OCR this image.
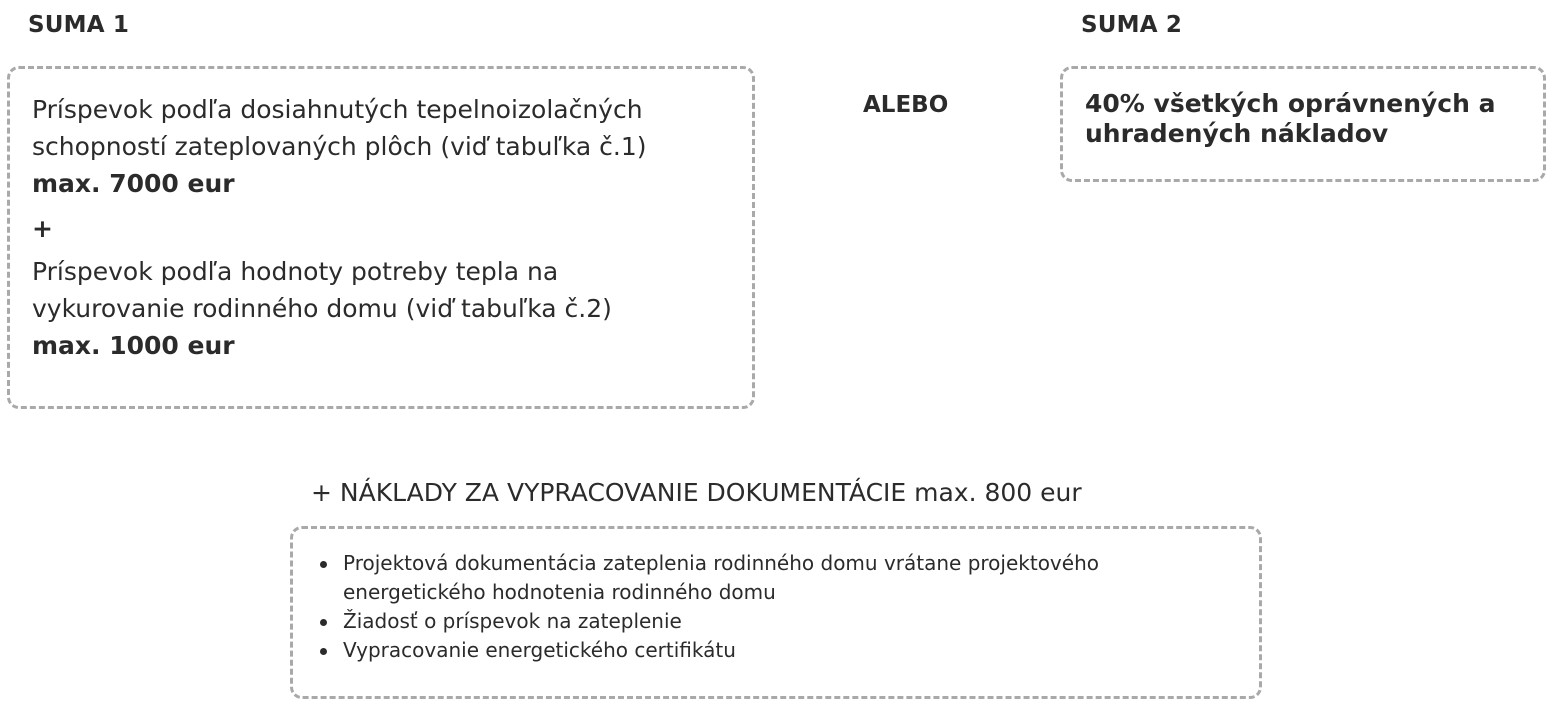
SUMA 1	SUMA 2

Príspevok podľa dosiahnutých tepelnoizolačných

schopností zateplovaných plôch (viď tabuľka č.1)

max. 7000 eur

+

Príspevok podľa hodnoty potreby tepla na

vykurovanie rodinného domu (viď tabuľka č.2)

max. 1000 eur

ALEBO	40% všetkých oprávnených a

uhradených nákladov

+ NÁKLADY ZA VYPRACOVANIE DOKUMENTÁCIE max. 800 eur
Projektová dokumentácia zateplenia rodinného domu vrátane projektového
energetického hodnotenia rodinného domu
Žiadosť o príspevok na zateplenie
Vypracovanie energetického certifikátu
